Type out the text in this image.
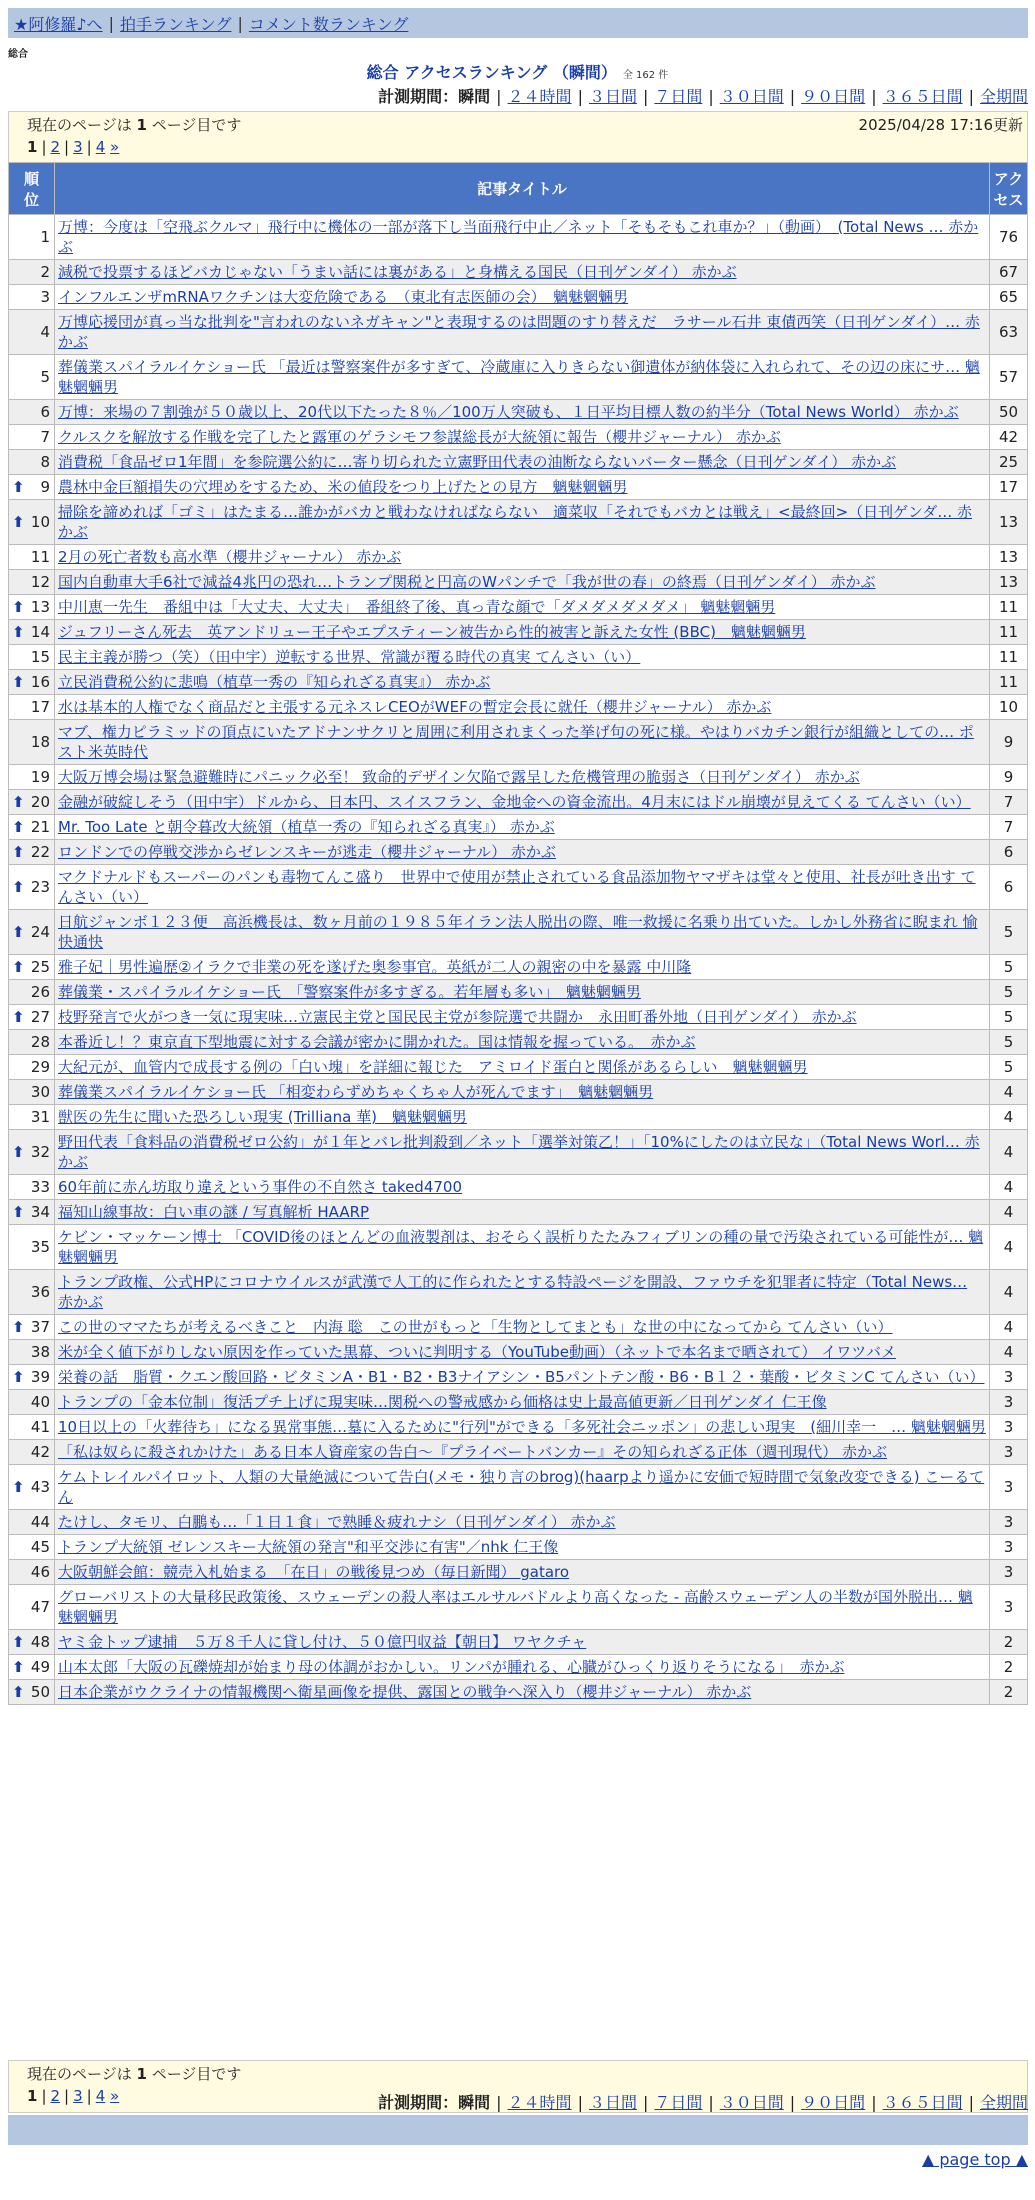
★阿修羅♪へ | 拍手ランキング | コメント数ランキング
総合
総合 アクセスランキング （瞬間） 全 162 件
計測期間：瞬間 | ２４時間 | ３日間 | ７日間 | ３０日間 | ９０日間 | ３６５日間 | 全期間
現在のページは 1 ページ目です	2025/04/28 17:16更新
1 | 2 | 3 | 4 »
順位	記事タイトル	アクセス
1	万博：今度は「空飛ぶクルマ」飛行中に機体の一部が落下し当面飛行中止／ネット「そもそもこれ車か？」（動画）　(Total News … 赤かぶ	76
2	減税で投票するほどバカじゃない「うまい話には裏がある」と身構える国民（日刊ゲンダイ） 赤かぶ	67
3	インフルエンザmRNAワクチンは大変危険である　（東北有志医師の会）　魑魅魍魎男	65
4	万博応援団が真っ当な批判を"言われのないネガキャン"と表現するのは問題のすり替えだ　ラサール石井 東債西笑（日刊ゲンダイ）… 赤かぶ	63
5	葬儀業スパイラルイケショー氏 「最近は警察案件が多すぎて、冷蔵庫に入りきらない御遺体が納体袋に入れられて、その辺の床にサ… 魑魅魍魎男	57
6	万博：来場の７割強が５０歳以上、20代以下たった８％／100万人突破も、１日平均目標人数の約半分（Total News World） 赤かぶ	50
7	クルスクを解放する作戦を完了したと露軍のゲラシモフ参謀総長が大統領に報告（櫻井ジャーナル） 赤かぶ	42
8	消費税「食品ゼロ1年間」を参院選公約に…寄り切られた立憲野田代表の油断ならないバーター懸念（日刊ゲンダイ） 赤かぶ	25

⬆ 9	農林中金巨額損失の穴埋めをするため、米の値段をつり上げたとの見方　魑魅魍魎男	17

⬆ 10	掃除を諦めれば「ゴミ」はたまる…誰かがバカと戦わなければならない　適菜収「それでもバカとは戦え」<最終回>（日刊ゲンダ… 赤かぶ	13
11	2月の死亡者数も高水準（櫻井ジャーナル） 赤かぶ	13
12	国内自動車大手6社で減益4兆円の恐れ…トランプ関税と円高のWパンチで「我が世の春」の終焉（日刊ゲンダイ） 赤かぶ	13

⬆ 13	中川恵一先生　番組中は「大丈夫、大丈夫」　番組終了後、真っ青な顔で「ダメダメダメダメ」 魑魅魍魎男	11

⬆ 14	ジュフリーさん死去　英アンドリュー王子やエプスティーン被告から性的被害と訴えた女性 (BBC)　魑魅魍魎男	11
15	民主主義が勝つ（笑）（田中宇）逆転する世界、常識が覆る時代の真実 てんさい（い）	11

⬆ 16	立民消費税公約に悲鳴（植草一秀の『知られざる真実』） 赤かぶ	11
17	水は基本的人権でなく商品だと主張する元ネスレCEOがWEFの暫定会長に就任（櫻井ジャーナル） 赤かぶ	10
18	マブ、権力ピラミッドの頂点にいたアドナンサクリと周囲に利用されまくった挙げ句の死に様。やはりバカチン銀行が組織としての… ポスト米英時代	9
19	大阪万博会場は緊急避難時にパニック必至！ 致命的デザイン欠陥で露呈した危機管理の脆弱さ（日刊ゲンダイ） 赤かぶ	9

⬆ 20	金融が破綻しそう（田中宇）ドルから、日本円、スイスフラン、金地金への資金流出。4月末にはドル崩壊が見えてくる てんさい（い）	7

⬆ 21	Mr. Too Late と朝令暮改大統領（植草一秀の『知られざる真実』） 赤かぶ	7

⬆ 22	ロンドンでの停戦交渉からゼレンスキーが逃走（櫻井ジャーナル） 赤かぶ	6

⬆ 23	マクドナルドもスーパーのパンも毒物てんこ盛り　世界中で使用が禁止されている食品添加物ヤマザキは堂々と使用、社長が吐き出す てんさい（い）	6

⬆ 24	日航ジャンボ１２３便　高浜機長は、数ヶ月前の１９８５年イラン法人脱出の際、唯一救援に名乗り出ていた。しかし外務省に睨まれ 愉快通快	5

⬆ 25	雅子妃｜男性遍歴②イラクで非業の死を遂げた奥参事官。英紙が二人の親密の中を暴露 中川隆	5
26	葬儀業・スパイラルイケショー氏　「警察案件が多すぎる。若年層も多い」　魑魅魍魎男	5

⬆ 27	枝野発言で火がつき一気に現実味…立憲民主党と国民民主党が参院選で共闘か　永田町番外地（日刊ゲンダイ） 赤かぶ	5
28	本番近し！？東京直下型地震に対する会議が密かに開かれた。国は情報を握っている。　赤かぶ	5
29	大紀元が、血管内で成長する例の「白い塊」を詳細に報じた　アミロイド蛋白と関係があるらしい　魑魅魍魎男	5
30	葬儀業スパイラルイケショー氏 「相変わらずめちゃくちゃ人が死んでます」　魑魅魍魎男	4
31	獣医の先生に聞いた恐ろしい現実 (Trilliana 華)　魑魅魍魎男	4

⬆ 32	野田代表「食料品の消費税ゼロ公約」が１年とバレ批判殺到／ネット「選挙対策乙！」「10%にしたのは立民な」（Total News Worl… 赤かぶ	4
33	60年前に赤ん坊取り違えという事件の不自然さ taked4700	4

⬆ 34	福知山線事故：白い車の謎 / 写真解析 HAARP	4
35	ケビン・マッケーン博士 「COVID後のほとんどの血液製剤は、おそらく誤析りたたみフィブリンの種の量で汚染されている可能性が… 魑魅魍魎男	4
36	トランプ政権、公式HPにコロナウイルスが武漢で人工的に作られたとする特設ページを開設、ファウチを犯罪者に特定（Total News… 赤かぶ	4

⬆ 37	この世のママたちが考えるべきこと　内海 聡　この世がもっと「生物としてまとも」な世の中になってから てんさい（い）	4
38	米が全く値下がりしない原因を作っていた黒幕、ついに判明する（YouTube動画）（ネットで本名まで晒されて） イワツバメ	4

⬆ 39	栄養の話　脂質・クエン酸回路・ビタミンA・B1・B2・B3ナイアシン・B5パントテン酸・B6・B１２・葉酸・ビタミンC てんさい（い）	3
40	トランプの「金本位制」復活プチ上げに現実味…関税への警戒感から価格は史上最高値更新／日刊ゲンダイ 仁王像	3
41	10日以上の「火葬待ち」になる異常事態…墓に入るために"行列"ができる「多死社会ニッポン」の悲しい現実　(細川幸一　… 魑魅魍魎男	3
42	「私は奴らに殺されかけた」ある日本人資産家の告白〜『プライベートバンカー』その知られざる正体（週刊現代） 赤かぶ	3

⬆ 43	ケムトレイルパイロット、人類の大量絶滅について告白(メモ・独り言のbrog)(haarpより遥かに安価で短時間で気象改変できる) こーるてん	3
44	たけし、タモリ、白鵬も…「１日１食」で熟睡＆疲れナシ（日刊ゲンダイ） 赤かぶ	3
45	トランプ大統領 ゼレンスキー大統領の発言"和平交渉に有害"／nhk 仁王像	3
46	大阪朝鮮会館：競売入札始まる　「在日」の戦後見つめ（毎日新聞） gataro	3
47	グローバリストの大量移民政策後、スウェーデンの殺人率はエルサルバドルより高くなった - 高齢スウェーデン人の半数が国外脱出… 魑魅魍魎男	3

⬆ 48	ヤミ金トップ逮捕　５万８千人に貸し付け、５０億円収益【朝日】 ワヤクチャ	2

⬆ 49	山本太郎「大阪の瓦礫焼却が始まり母の体調がおかしい。リンパが腫れる、心臓がひっくり返りそうになる」　赤かぶ	2

⬆ 50	日本企業がウクライナの情報機関へ衛星画像を提供、露国との戦争へ深入り（櫻井ジャーナル） 赤かぶ	2
現在のページは 1 ページ目です
1 | 2 | 3 | 4 »	計測期間：瞬間 | ２４時間 | ３日間 | ７日間 | ３０日間 | ９０日間 | ３６５日間 | 全期間
▲ page top ▲
